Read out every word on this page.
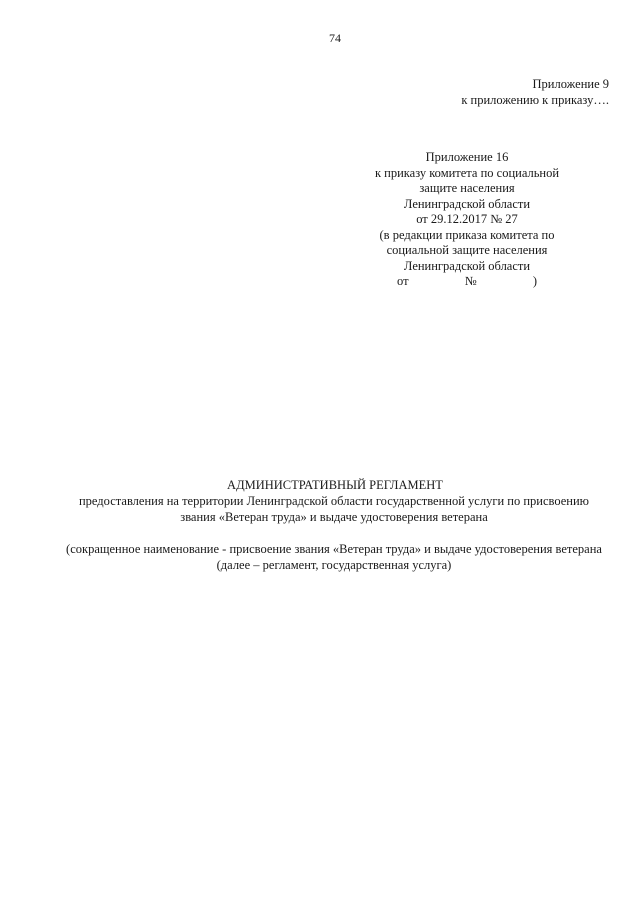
74
Приложение 9
к приложению к приказу….
Приложение 16
к приказу комитета по социальной
защите населения
Ленинградской области
от 29.12.2017 № 27
(в редакции приказа комитета по
социальной защите населения
Ленинградской области
от	№	)
АДМИНИСТРАТИВНЫЙ РЕГЛАМЕНТ
предоставления на территории Ленинградской области государственной услуги по присвоению звания «Ветеран труда» и выдаче удостоверения ветерана
(сокращенное наименование - присвоение звания «Ветеран труда» и выдаче удостоверения ветерана (далее – регламент, государственная услуга)
